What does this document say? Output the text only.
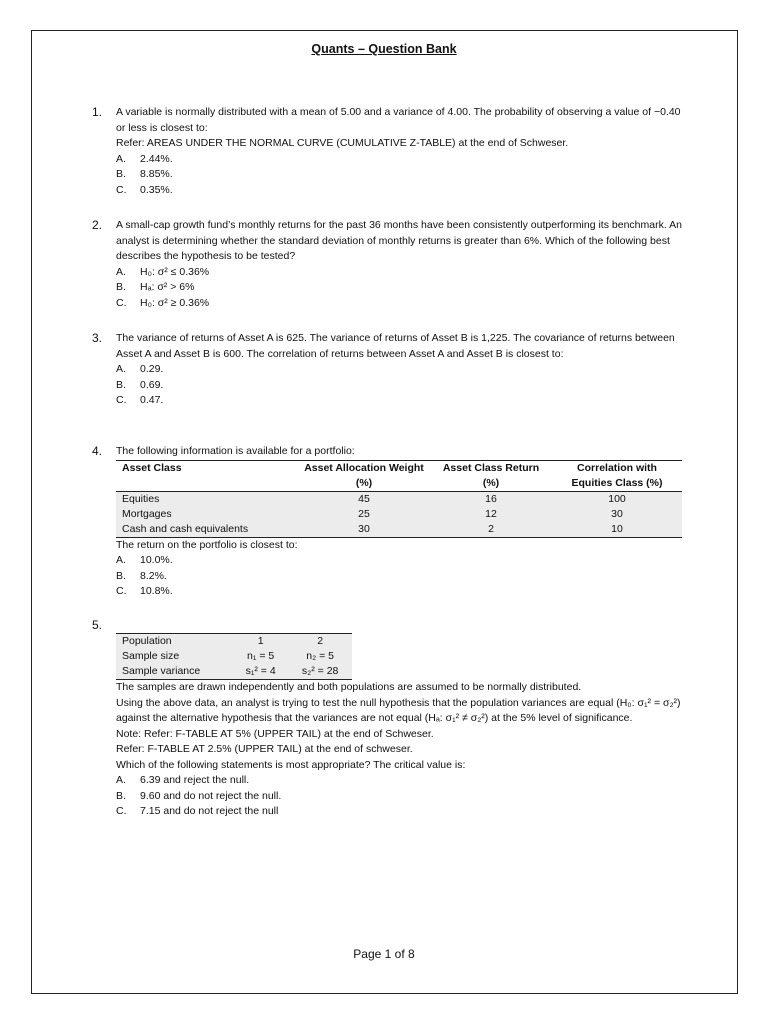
Quants – Question Bank
1. A variable is normally distributed with a mean of 5.00 and a variance of 4.00. The probability of observing a value of −0.40 or less is closest to:
Refer: AREAS UNDER THE NORMAL CURVE (CUMULATIVE Z-TABLE) at the end of Schweser.
A.	2.44%.
B.	8.85%.
C.	0.35%.
2. A small-cap growth fund’s monthly returns for the past 36 months have been consistently outperforming its benchmark. An analyst is determining whether the standard deviation of monthly returns is greater than 6%. Which of the following best describes the hypothesis to be tested?
A.	H₀: σ² ≤ 0.36%
B.	Hₐ: σ² > 6%
C.	H₀: σ² ≥ 0.36%
3. The variance of returns of Asset A is 625. The variance of returns of Asset B is 1,225. The covariance of returns between Asset A and Asset B is 600. The correlation of returns between Asset A and Asset B is closest to:
A.	0.29.
B.	0.69.
C.	0.47.
4. The following information is available for a portfolio:
Asset Class	Asset Allocation Weight (%)	Asset Class Return (%)	Correlation with Equities Class (%)
Equities	45	16	100
Mortgages	25	12	30
Cash and cash equivalents	30	2	10
The return on the portfolio is closest to:
A.	10.0%.
B.	8.2%.
C.	10.8%.
5.
Population	1	2
Sample size	n₁ = 5	n₂ = 5
Sample variance	s₁² = 4	s₂² = 28
The samples are drawn independently and both populations are assumed to be normally distributed.
Using the above data, an analyst is trying to test the null hypothesis that the population variances are equal (H₀: σ₁² = σ₂²) against the alternative hypothesis that the variances are not equal (Hₐ: σ₁² ≠ σ₂²) at the 5% level of significance.
Note: Refer: F-TABLE AT 5% (UPPER TAIL) at the end of Schweser.
Refer: F-TABLE AT 2.5% (UPPER TAIL) at the end of schweser.
Which of the following statements is most appropriate? The critical value is:
A.	6.39 and reject the null.
B.	9.60 and do not reject the null.
C.	7.15 and do not reject the null
Page 1 of 8
